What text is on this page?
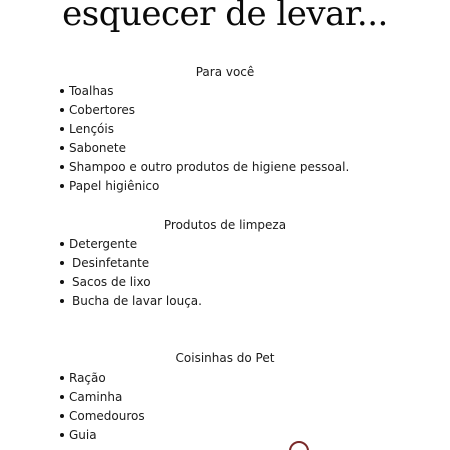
esquecer de levar...
Para você
Toalhas
Cobertores
Lençóis
Sabonete
Shampoo e outro produtos de higiene pessoal.
Papel higiênico
Produtos de limpeza
Detergente
Desinfetante
Sacos de lixo
Bucha de lavar louça.
Coisinhas do Pet
Ração
Caminha
Comedouros
Guia
